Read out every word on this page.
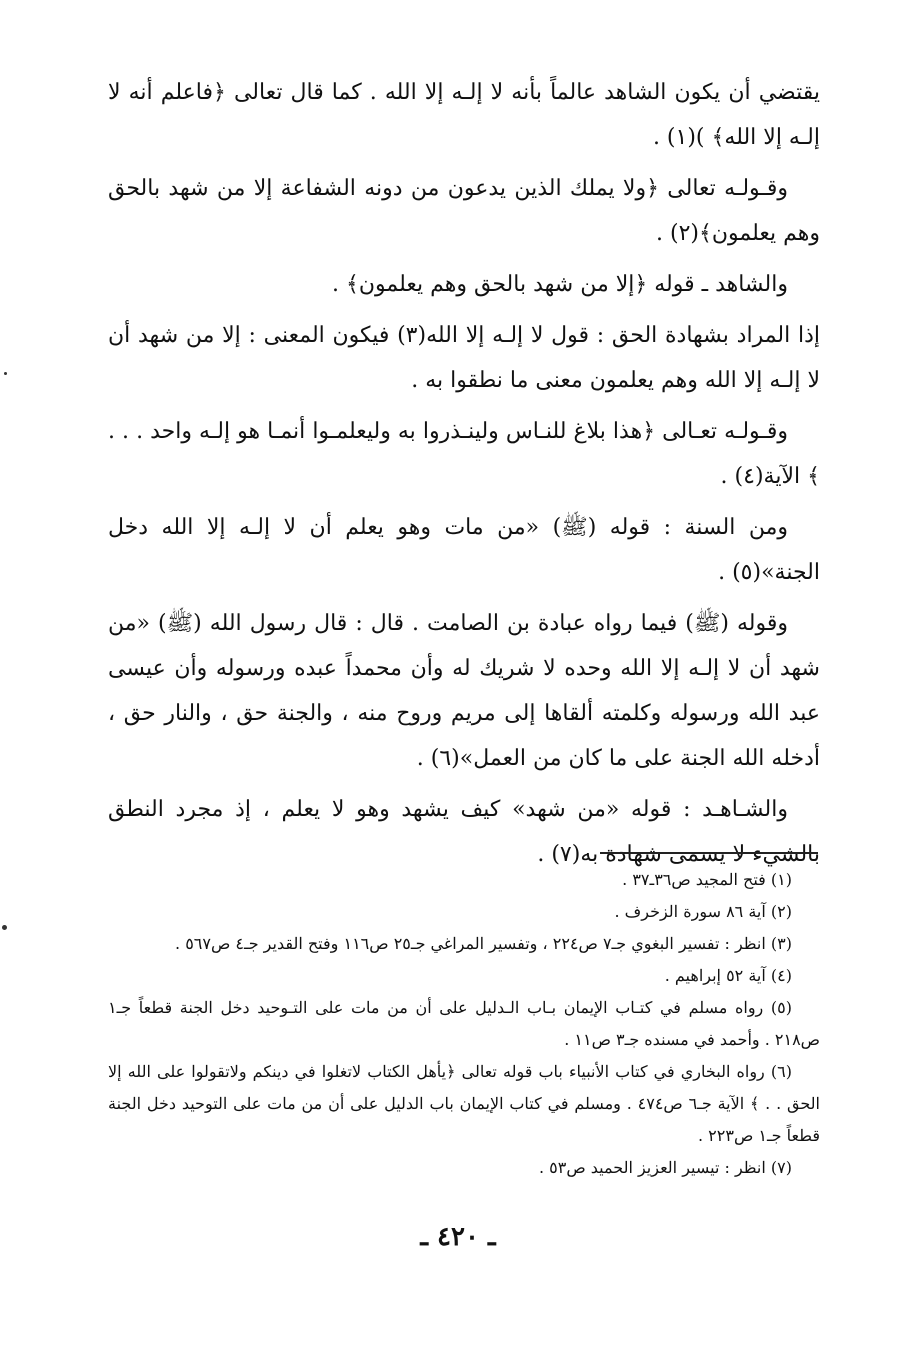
يقتضي أن يكون الشاهد عالماً بأنه لا إلـه إلا الله . كما قال تعالى ﴿فاعلم أنه لا إلـه إلا الله﴾ )(١) .

وقـولـه تعالى ﴿ولا يملك الذين يدعون من دونه الشفاعة إلا من شهد بالحق وهم يعلمون﴾(٢) .

والشاهد ـ قوله ﴿إلا من شهد بالحق وهم يعلمون﴾ .

إذا المراد بشهادة الحق : قول لا إلـه إلا الله(٣) فيكون المعنى : إلا من شهد أن لا إلـه إلا الله وهم يعلمون معنى ما نطقوا به .

وقـولـه تعـالى ﴿هذا بلاغ للنـاس ولينـذروا به وليعلمـوا أنمـا هو إلـه واحد . . . ﴾ الآية(٤) .

ومن السنة : قوله (ﷺ) «من مات وهو يعلم أن لا إلـه إلا الله دخل الجنة»(٥) .

وقوله (ﷺ) فيما رواه عبادة بن الصامت . قال : قال رسول الله (ﷺ) «من شهد أن لا إلـه إلا الله وحده لا شريك له وأن محمداً عبده ورسوله وأن عيسى عبد الله ورسوله وكلمته ألقاها إلى مريم وروح منه ، والجنة حق ، والنار حق ، أدخله الله الجنة على ما كان من العمل»(٦) .

والشـاهـد : قوله «من شهد» كيف يشهد وهو لا يعلم ، إذ مجرد النطق بالشيء لا يسمى شهادة به(٧) .

(١) فتح المجيد ص٣٦ـ٣٧ .

(٢) آية ٨٦ سورة الزخرف .

(٣) انظر : تفسير البغوي جـ٧ ص٢٢٤ ، وتفسير المراغي جـ٢٥ ص١١٦ وفتح القدير جـ٤ ص٥٦٧ .

(٤) آية ٥٢ إبراهيم .

(٥) رواه مسلم في كتـاب الإيمان بـاب الـدليل على أن من مات على التـوحيد دخل الجنة قطعاً جـ١ ص٢١٨ . وأحمد في مسنده جـ٣ ص١١ .

(٦) رواه البخاري في كتاب الأنبياء باب قوله تعالى ﴿يأهل الكتاب لاتغلوا في دينكم ولاتقولوا على الله إلا الحق . . ﴾ الآية جـ٦ ص٤٧٤ . ومسلم في كتاب الإيمان باب الدليل على أن من مات على التوحيد دخل الجنة قطعاً جـ١ ص٢٢٣ .

(٧) انظر : تيسير العزيز الحميد ص٥٣ .

ـ ٤٢٠ ـ
